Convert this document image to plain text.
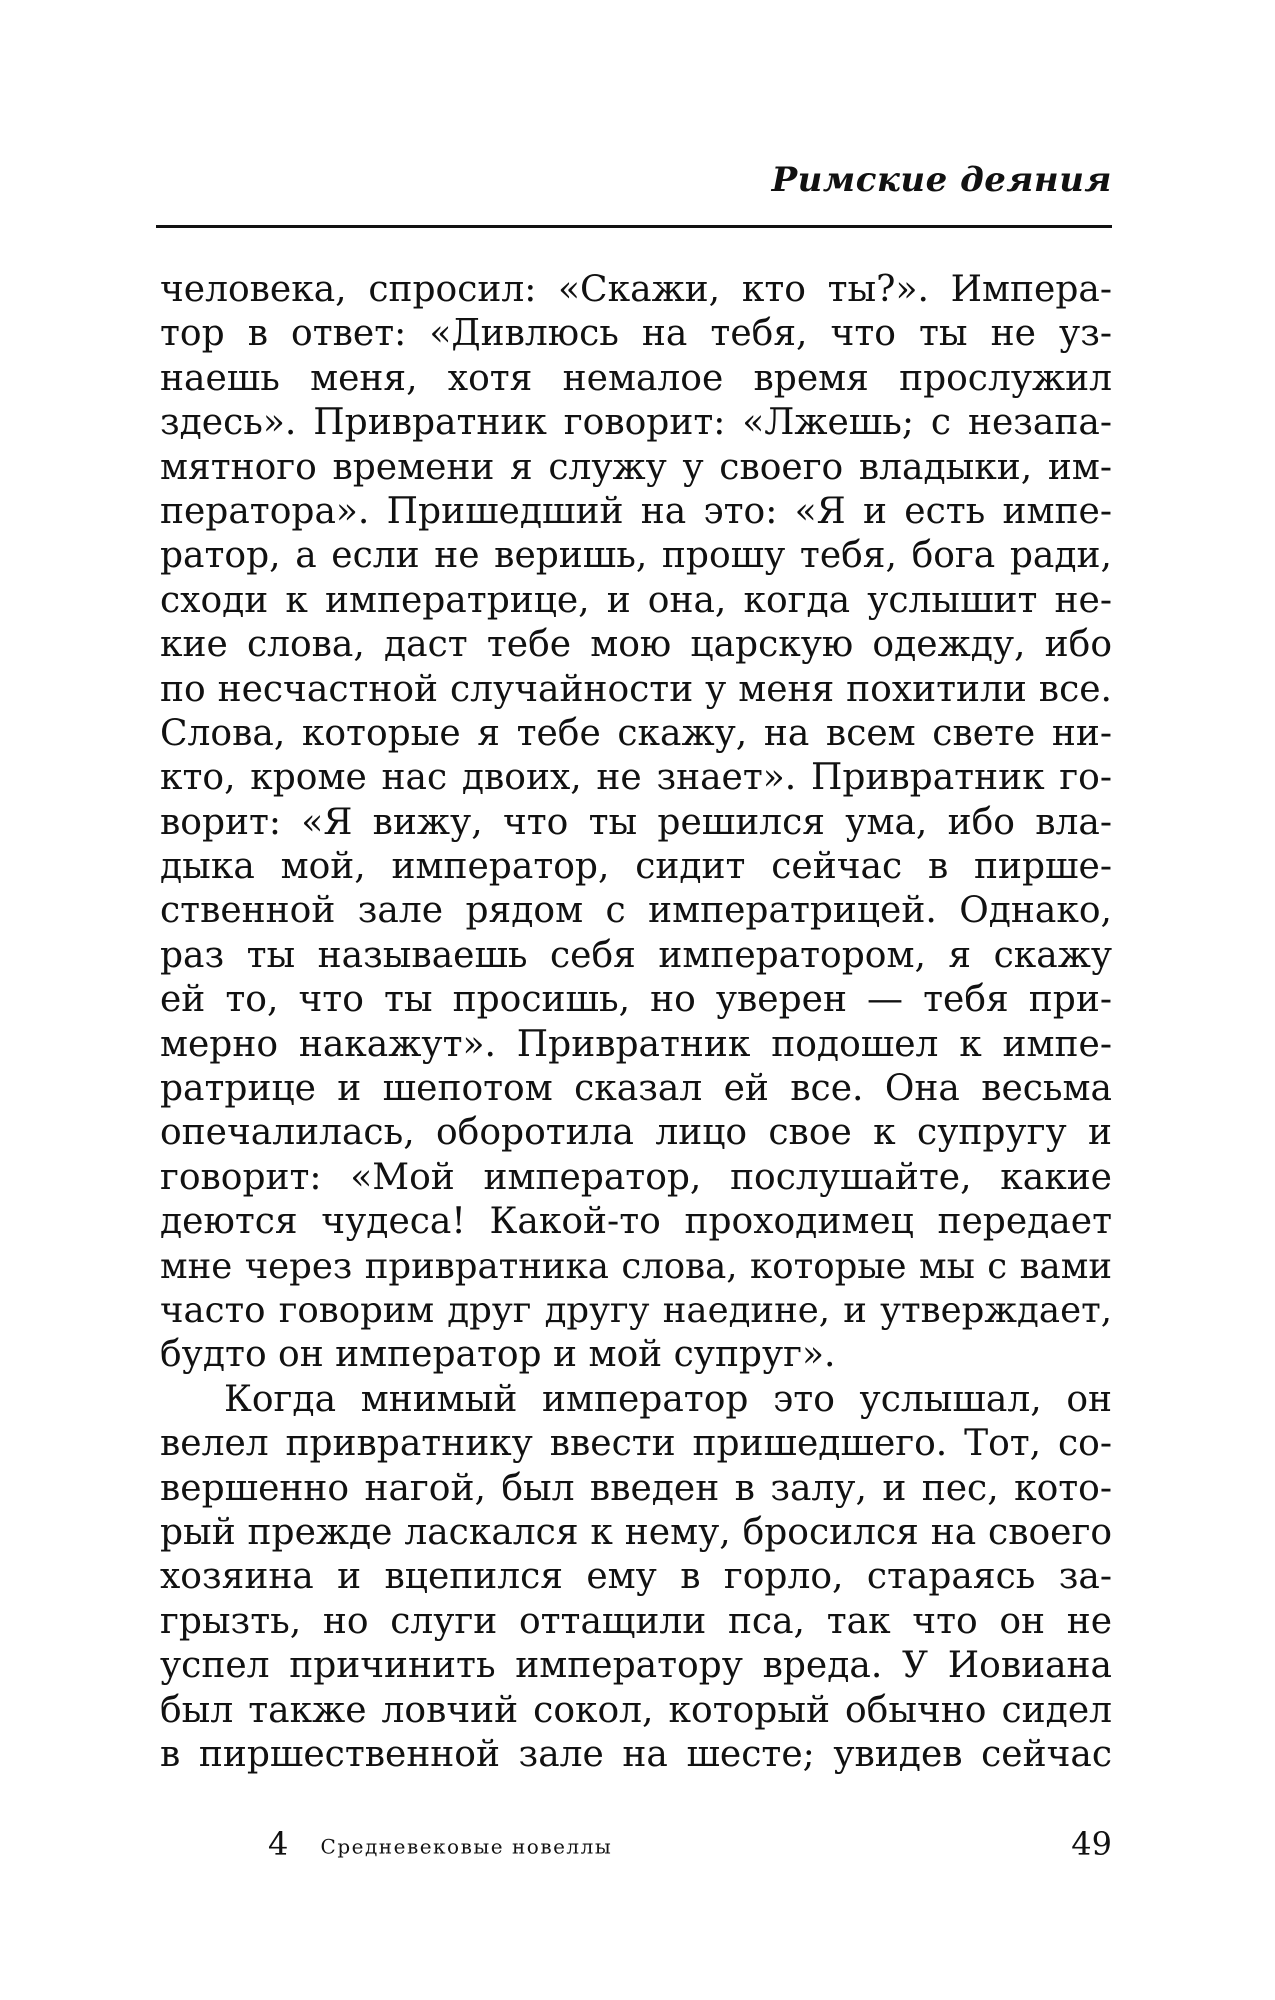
Римские деяния
человека, спросил: «Скажи, кто ты?». Импера-
тор в ответ: «Дивлюсь на тебя, что ты не уз-
наешь меня, хотя немалое время прослужил
здесь». Привратник говорит: «Лжешь; с незапа-
мятного времени я служу у своего владыки, им-
ператора». Пришедший на это: «Я и есть импе-
ратор, а если не веришь, прошу тебя, бога ради,
сходи к императрице, и она, когда услышит не-
кие слова, даст тебе мою царскую одежду, ибо
по несчастной случайности у меня похитили все.
Слова, которые я тебе скажу, на всем свете ни-
кто, кроме нас двоих, не знает». Привратник го-
ворит: «Я вижу, что ты решился ума, ибо вла-
дыка мой, император, сидит сейчас в пирше-
ственной зале рядом с императрицей. Однако,
раз ты называешь себя императором, я скажу
ей то, что ты просишь, но уверен — тебя при-
мерно накажут». Привратник подошел к импе-
ратрице и шепотом сказал ей все. Она весьма
опечалилась, оборотила лицо свое к супругу и
говорит: «Мой император, послушайте, какие
деются чудеса! Какой-то проходимец передает
мне через привратника слова, которые мы с вами
часто говорим друг другу наедине, и утверждает,
будто он император и мой супруг».
Когда мнимый император это услышал, он
велел привратнику ввести пришедшего. Тот, со-
вершенно нагой, был введен в залу, и пес, кото-
рый прежде ласкался к нему, бросился на своего
хозяина и вцепился ему в горло, стараясь за-
грызть, но слуги оттащили пса, так что он не
успел причинить императору вреда. У Иовиана
был также ловчий сокол, который обычно сидел
в пиршественной зале на шесте; увидев сейчас
4 Средневековые новеллы	49
